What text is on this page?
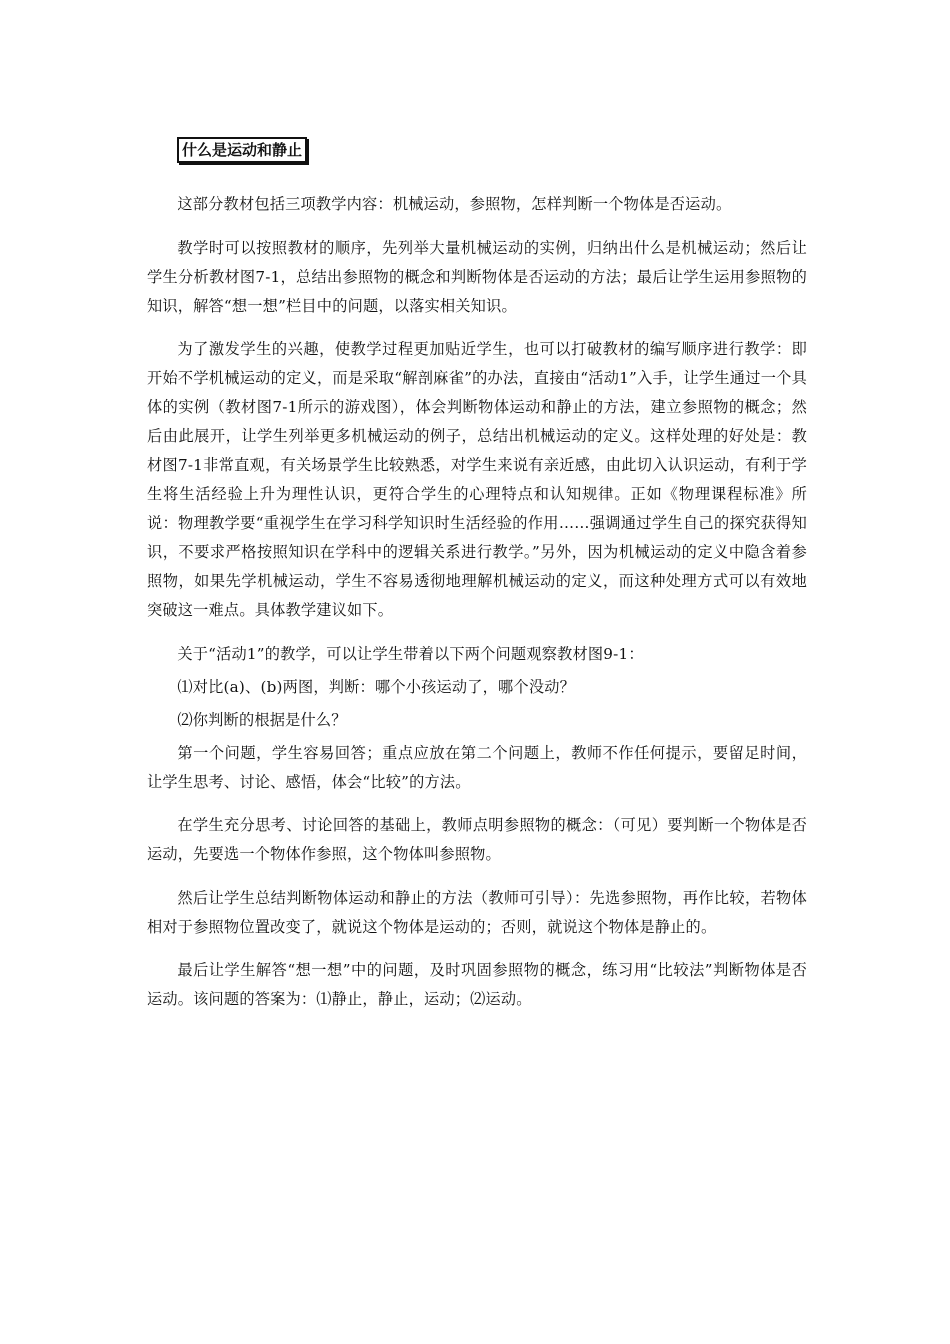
什么是运动和静止

这部分教材包括三项教学内容：机械运动，参照物，怎样判断一个物体是否运动。

教学时可以按照教材的顺序，先列举大量机械运动的实例，归纳出什么是机械运动；然后让学生分析教材图7-1，总结出参照物的概念和判断物体是否运动的方法；最后让学生运用参照物的知识，解答“想一想”栏目中的问题，以落实相关知识。

为了激发学生的兴趣，使教学过程更加贴近学生，也可以打破教材的编写顺序进行教学：即开始不学机械运动的定义，而是采取“解剖麻雀”的办法，直接由“活动1”入手，让学生通过一个具体的实例（教材图7-1所示的游戏图），体会判断物体运动和静止的方法，建立参照物的概念；然后由此展开，让学生列举更多机械运动的例子，总结出机械运动的定义。这样处理的好处是：教材图7-1非常直观，有关场景学生比较熟悉，对学生来说有亲近感，由此切入认识运动，有利于学生将生活经验上升为理性认识，更符合学生的心理特点和认知规律。正如《物理课程标准》所说：物理教学要“重视学生在学习科学知识时生活经验的作用……强调通过学生自己的探究获得知识，不要求严格按照知识在学科中的逻辑关系进行教学。”另外，因为机械运动的定义中隐含着参照物，如果先学机械运动，学生不容易透彻地理解机械运动的定义，而这种处理方式可以有效地突破这一难点。具体教学建议如下。

关于“活动1”的教学，可以让学生带着以下两个问题观察教材图9-1：

⑴对比(a)、(b)两图，判断：哪个小孩运动了，哪个没动？

⑵你判断的根据是什么？

第一个问题，学生容易回答；重点应放在第二个问题上，教师不作任何提示，要留足时间，让学生思考、讨论、感悟，体会“比较”的方法。

在学生充分思考、讨论回答的基础上，教师点明参照物的概念：（可见）要判断一个物体是否运动，先要选一个物体作参照，这个物体叫参照物。

然后让学生总结判断物体运动和静止的方法（教师可引导）：先选参照物，再作比较，若物体相对于参照物位置改变了，就说这个物体是运动的；否则，就说这个物体是静止的。

最后让学生解答“想一想”中的问题，及时巩固参照物的概念，练习用“比较法”判断物体是否运动。该问题的答案为：⑴静止，静止，运动；⑵运动。
